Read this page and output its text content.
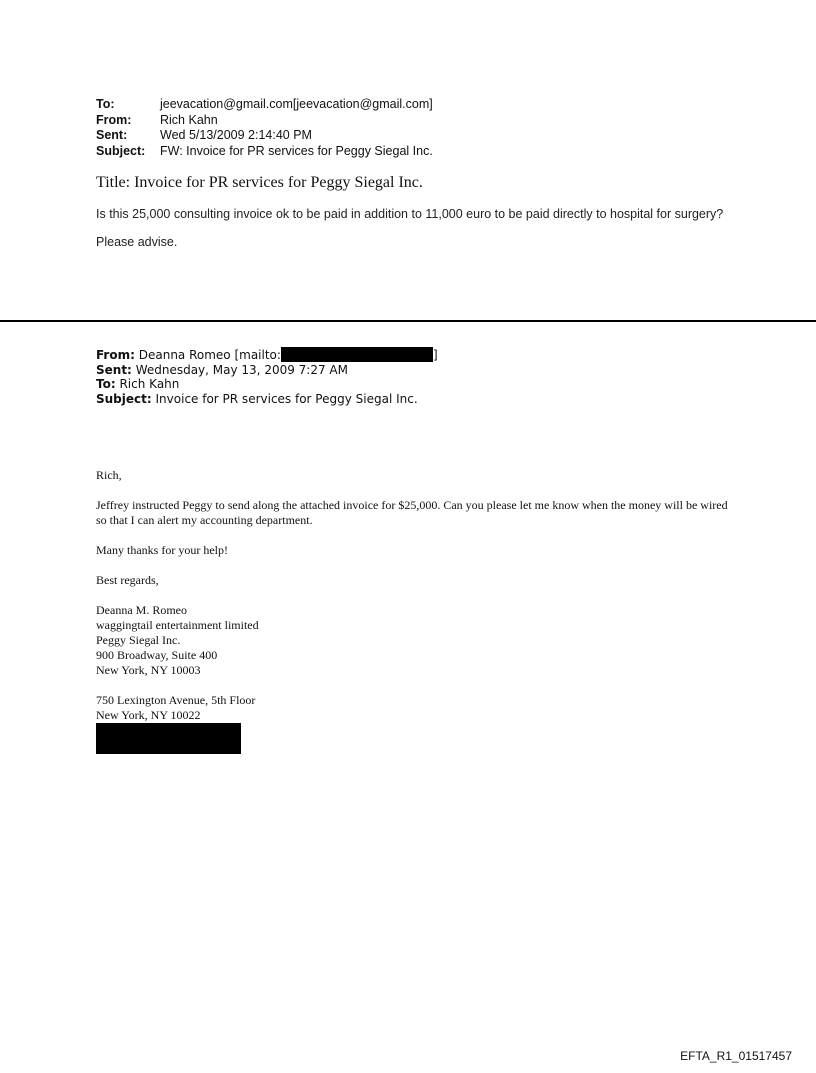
To:	jeevacation@gmail.com[jeevacation@gmail.com]
From:	Rich Kahn
Sent:	Wed 5/13/2009 2:14:40 PM
Subject:	FW: Invoice for PR services for Peggy Siegal Inc.
Title: Invoice for PR services for Peggy Siegal Inc.

Is this 25,000 consulting invoice ok to be paid in addition to 11,000 euro to be paid directly to hospital for surgery?

Please advise.

From: Deanna Romeo [mailto:	]
Sent: Wednesday, May 13, 2009 7:27 AM
To: Rich Kahn
Subject: Invoice for PR services for Peggy Siegal Inc.

Rich,

Jeffrey instructed Peggy to send along the attached invoice for $25,000. Can you please let me know when the money will be wired so that I can alert my accounting department.

Many thanks for your help!

Best regards,

Deanna M. Romeo
waggingtail entertainment limited
Peggy Siegal Inc.
900 Broadway, Suite 400
New York, NY 10003

750 Lexington Avenue, 5th Floor
New York, NY 10022

EFTA_R1_01517457
